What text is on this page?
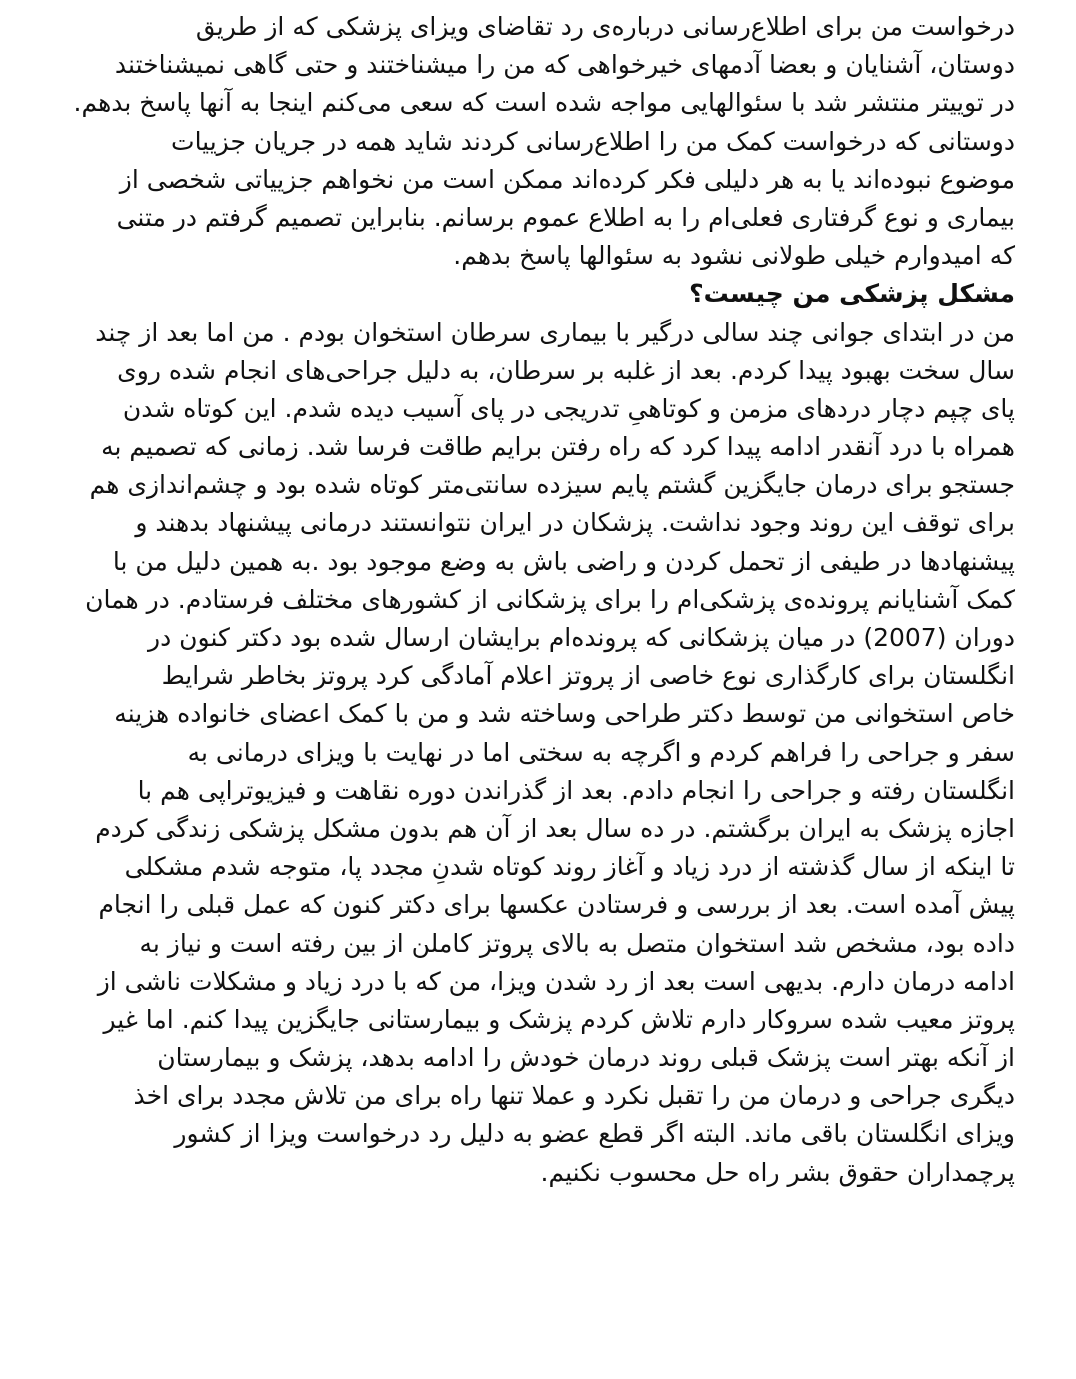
درخواست من برای اطلاع‌رسانی درباره‌ی رد تقاضای ویزای پزشکی که از طریق
دوستان، آشنایان و بعضا آدمهای خیرخواهی که من را میشناختند و حتی گاهی نمیشناختند
در توییتر منتشر شد با سئوالهایی مواجه شده است که سعی می‌کنم اینجا به آنها پاسخ بدهم.
دوستانی که درخواست کمک من را اطلاع‌رسانی کردند شاید همه در جریان جزییات
موضوع نبوده‌اند یا به هر دلیلی فکر کرده‌اند ممکن است من نخواهم جزییاتی شخصی از
بیماری و نوع گرفتاری فعلی‌ام را به اطلاع عموم برسانم. بنابراین تصمیم گرفتم در متنی
که امیدوارم خیلی طولانی نشود به سئوالها پاسخ بدهم.
مشکل پزشکی من چیست؟
من در ابتدای جوانی چند سالی درگیر با بیماری سرطان استخوان بودم . من اما بعد از چند
سال سخت بهبود پیدا کردم. بعد از غلبه بر سرطان، به دلیل جراحی‌های انجام شده روی
پای چپم دچار دردهای مزمن و کوتاهیِ تدریجی در پای آسیب دیده شدم. این کوتاه شدن
همراه با درد آنقدر ادامه پیدا کرد که راه رفتن برایم طاقت فرسا شد. زمانی که تصمیم به
جستجو برای درمان جایگزین گشتم پایم سیزده سانتی‌متر کوتاه شده بود و چشم‌اندازی هم
برای توقف این روند وجود نداشت. پزشکان در ایران نتوانستند درمانی پیشنهاد بدهند و
پیشنهادها در طیفی از تحمل کردن و راضی باش به وضع موجود بود .به همین دلیل من با
کمک آشنایانم پرونده‌ی پزشکی‌ام را برای پزشکانی از کشورهای مختلف فرستادم. در همان
دوران (2007) در میان پزشکانی که پرونده‌ام برایشان ارسال شده بود دکتر کنون در
انگلستان برای کارگذاری نوع خاصی از پروتز اعلام آمادگی کرد پروتز بخاطر شرایط
خاص استخوانی من توسط دکتر طراحی وساخته شد و من با کمک اعضای خانواده هزینه
سفر و جراحی را فراهم کردم و اگرچه به سختی اما در نهایت با ویزای درمانی به
انگلستان رفته و جراحی را انجام دادم. بعد از گذراندن دوره نقاهت و فیزیوتراپی هم با
اجازه پزشک به ایران برگشتم. در ده سال بعد از آن هم بدون مشکل پزشکی زندگی کردم
تا اینکه از سال گذشته از درد زیاد و آغاز روند کوتاه شدنِ مجدد پا، متوجه شدم مشکلی
پیش آمده است. بعد از بررسی و فرستادن عکسها برای دکتر کنون که عمل قبلی را انجام
داده بود، مشخص شد استخوان متصل به بالای پروتز کاملن از بین رفته است و نیاز به
ادامه درمان دارم. بدیهی است بعد از رد شدن ویزا، من که با درد زیاد و مشکلات ناشی از
پروتز معیب شده سروکار دارم تلاش کردم پزشک و بیمارستانی جایگزین پیدا کنم. اما غیر
از آنکه بهتر است پزشک قبلی روند درمان خودش را ادامه بدهد، پزشک و بیمارستان
دیگری جراحی و درمان من را تقبل نکرد و عملا تنها راه برای من تلاش مجدد برای اخذ
ویزای انگلستان باقی ماند. البته اگر قطع عضو به دلیل رد درخواست ویزا از کشور
پرچمداران حقوق بشر راه حل محسوب نکنیم.
